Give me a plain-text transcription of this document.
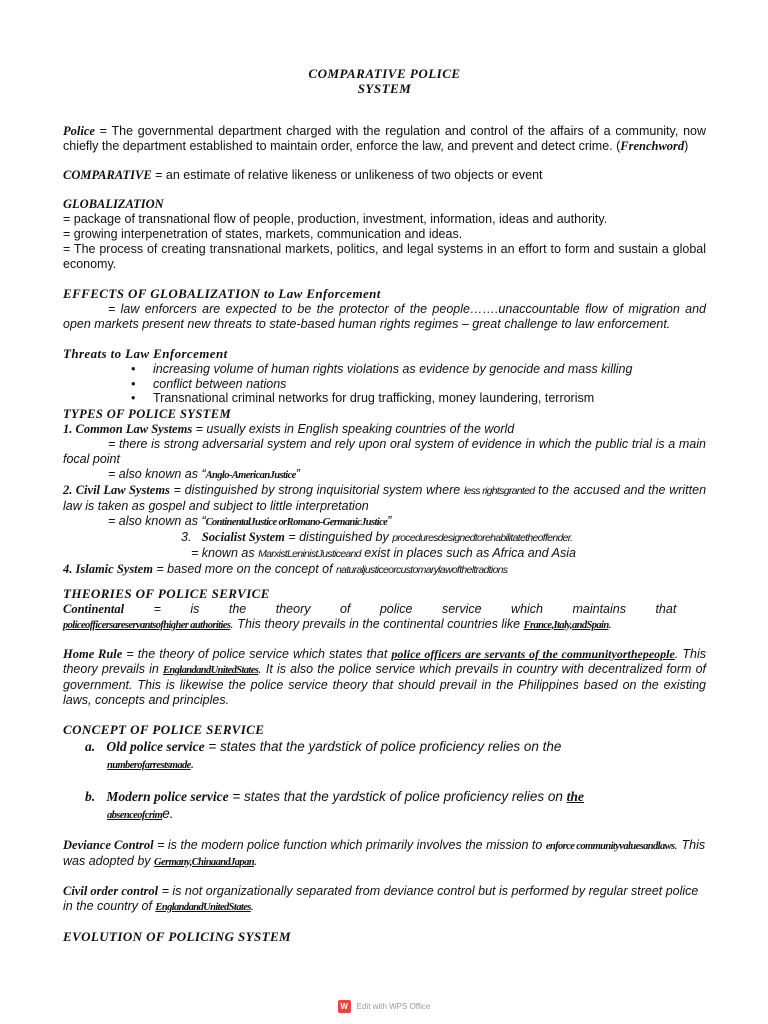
COMPARATIVE POLICE
SYSTEM

Police = The governmental department charged with the regulation and control of the affairs of a community, now chiefly the department established to maintain order, enforce the law, and prevent and detect crime. (Frenchword)

COMPARATIVE = an estimate of relative likeness or unlikeness of two objects or event

GLOBALIZATION

= package of transnational flow of people, production, investment, information, ideas and authority.

= growing interpenetration of states, markets, communication and ideas.

= The process of creating transnational markets, politics, and legal systems in an effort to form and sustain a global economy.

EFFECTS OF GLOBALIZATION to Law Enforcement

= law enforcers are expected to be the protector of the people…….unaccountable flow of migration and open markets present new threats to state-based human rights regimes – great challenge to law enforcement.

Threats to Law Enforcement

• increasing volume of human rights violations as evidence by genocide and mass killing
• conflict between nations
• Transnational criminal networks for drug trafficking, money laundering, terrorism

TYPES OF POLICE SYSTEM

1. Common Law Systems = usually exists in English speaking countries of the world

= there is strong adversarial system and rely upon oral system of evidence in which the public trial is a main focal point

= also known as “Anglo-AmericanJustice”

2. Civil Law Systems = distinguished by strong inquisitorial system where less rightsgranted to the accused and the written law is taken as gospel and subject to little interpretation

= also known as “ContinentalJustice orRomano-GermanicJustice”

3. Socialist System = distinguished by proceduresdesignedtorehabilitatetheoffender.

= known as MarxistLeninistJusticeand exist in places such as Africa and Asia

4. Islamic System = based more on the concept of naturaljusticeorcustomarylawoftheltradtions

THEORIES OF POLICE SERVICE

Continental = is the theory of police service which maintains that
policeofficersareservantsofhigher authorities. This theory prevails in the continental countries like France,Italy,andSpain.

Home Rule = the theory of police service which states that police officers are servants of the communityorthepeople. This theory prevails in EnglandandUnitedStates. It is also the police service which prevails in country with decentralized form of government. This is likewise the police service theory that should prevail in the Philippines based on the existing laws, concepts and principles.

CONCEPT OF POLICE SERVICE

a. Old police service = states that the yardstick of police proficiency relies on the
numberofarrestsmade.

b. Modern police service = states that the yardstick of police proficiency relies on the
absenceofcrime.

Deviance Control = is the modern police function which primarily involves the mission to enforce communityvaluesandlaws. This was adopted by Germany,ChinaandJapan.

Civil order control = is not organizationally separated from deviance control but is performed by regular street police in the country of EnglandandUnitedStates.

EVOLUTION OF POLICING SYSTEM

W Edit with WPS Office
